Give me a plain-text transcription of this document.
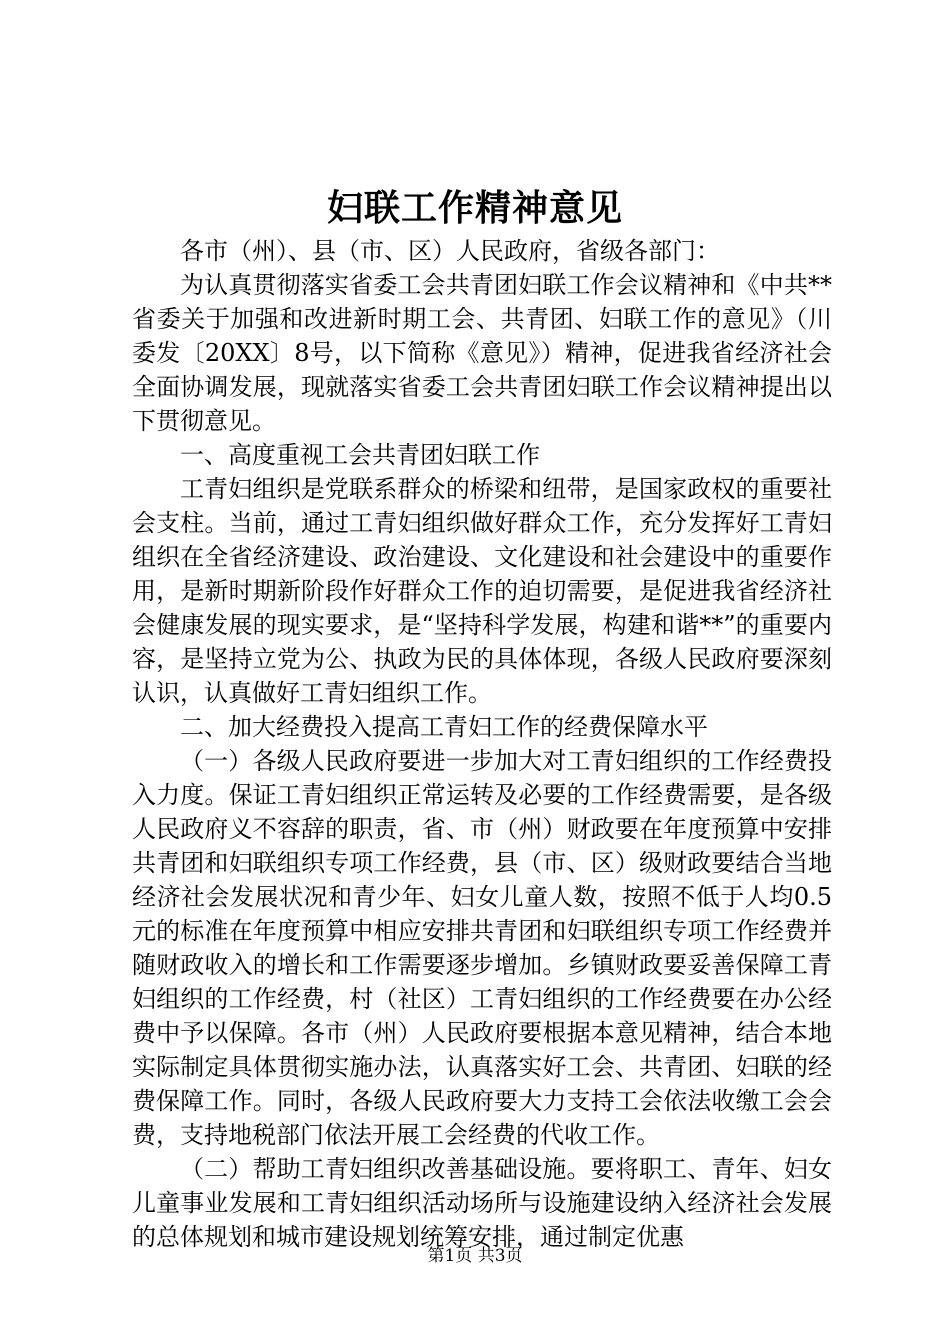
妇联工作精神意见

各市（州）、县（市、区）人民政府，省级各部门：

为认真贯彻落实省委工会共青团妇联工作会议精神和《中共**省委关于加强和改进新时期工会、共青团、妇联工作的意见》（川委发〔20XX〕8号，以下简称《意见》）精神，促进我省经济社会全面协调发展，现就落实省委工会共青团妇联工作会议精神提出以下贯彻意见。

一、高度重视工会共青团妇联工作

工青妇组织是党联系群众的桥梁和纽带，是国家政权的重要社会支柱。当前，通过工青妇组织做好群众工作，充分发挥好工青妇组织在全省经济建设、政治建设、文化建设和社会建设中的重要作用，是新时期新阶段作好群众工作的迫切需要，是促进我省经济社会健康发展的现实要求，是“坚持科学发展，构建和谐**”的重要内容，是坚持立党为公、执政为民的具体体现，各级人民政府要深刻认识，认真做好工青妇组织工作。

二、加大经费投入提高工青妇工作的经费保障水平

（一）各级人民政府要进一步加大对工青妇组织的工作经费投入力度。保证工青妇组织正常运转及必要的工作经费需要，是各级人民政府义不容辞的职责，省、市（州）财政要在年度预算中安排共青团和妇联组织专项工作经费，县（市、区）级财政要结合当地经济社会发展状况和青少年、妇女儿童人数，按照不低于人均0.5元的标准在年度预算中相应安排共青团和妇联组织专项工作经费并随财政收入的增长和工作需要逐步增加。乡镇财政要妥善保障工青妇组织的工作经费，村（社区）工青妇组织的工作经费要在办公经费中予以保障。各市（州）人民政府要根据本意见精神，结合本地实际制定具体贯彻实施办法，认真落实好工会、共青团、妇联的经费保障工作。同时，各级人民政府要大力支持工会依法收缴工会会费，支持地税部门依法开展工会经费的代收工作。

（二）帮助工青妇组织改善基础设施。要将职工、青年、妇女儿童事业发展和工青妇组织活动场所与设施建设纳入经济社会发展的总体规划和城市建设规划统筹安排，通过制定优惠

第1页 共3页
